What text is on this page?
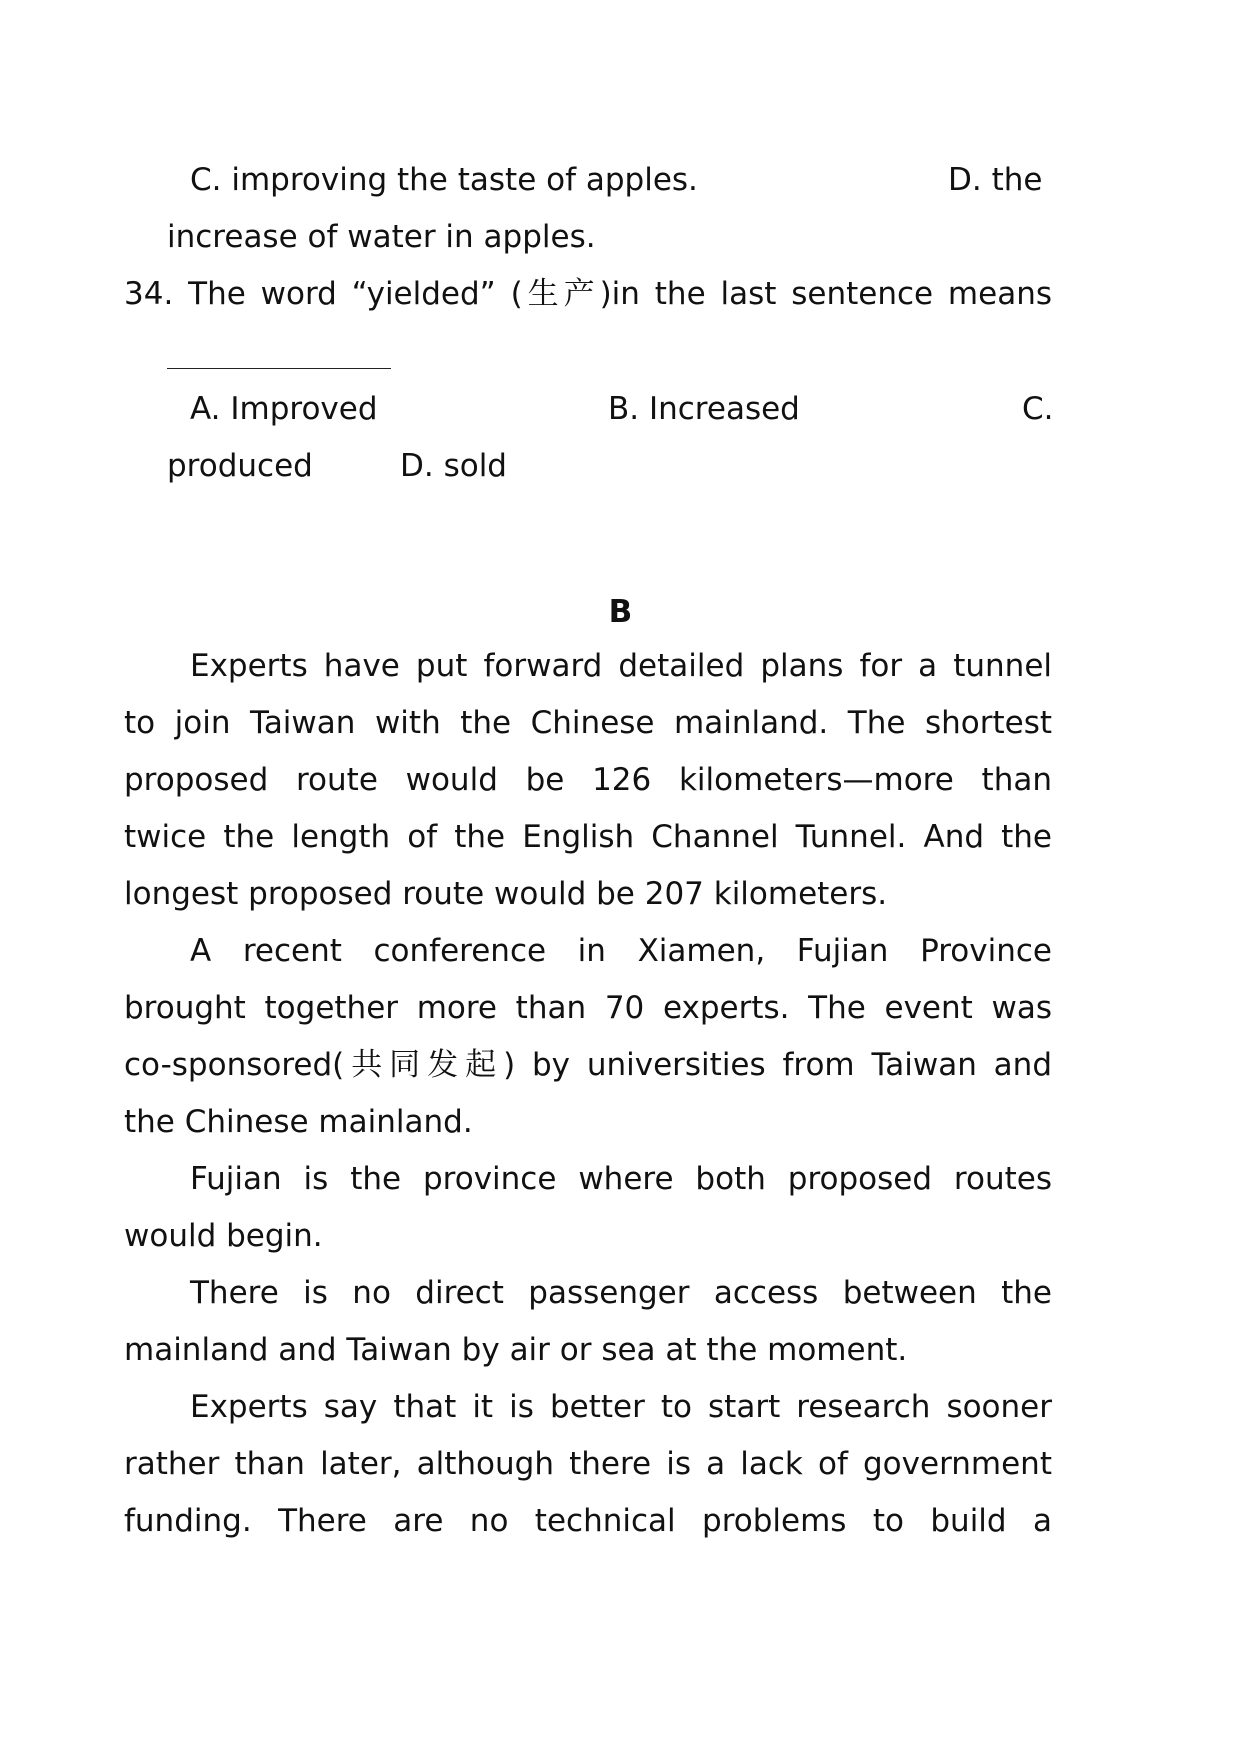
C. improving the taste of apples.	D. the
increase of water in apples.
34. The word “yielded” (生产)in the last sentence means
A. Improved	B. Increased	C.
produced	D. sold
B
Experts have put forward detailed plans for a tunnel
to join Taiwan with the Chinese mainland. The shortest
proposed route would be 126 kilometers—more than
twice the length of the English Channel Tunnel. And the
longest proposed route would be 207 kilometers.
A recent conference in Xiamen, Fujian Province
brought together more than 70 experts. The event was
co-sponsored(共同发起) by universities from Taiwan and
the Chinese mainland.
Fujian is the province where both proposed routes
would begin.
There is no direct passenger access between the
mainland and Taiwan by air or sea at the moment.
Experts say that it is better to start research sooner
rather than later, although there is a lack of government
funding. There are no technical problems to build a
